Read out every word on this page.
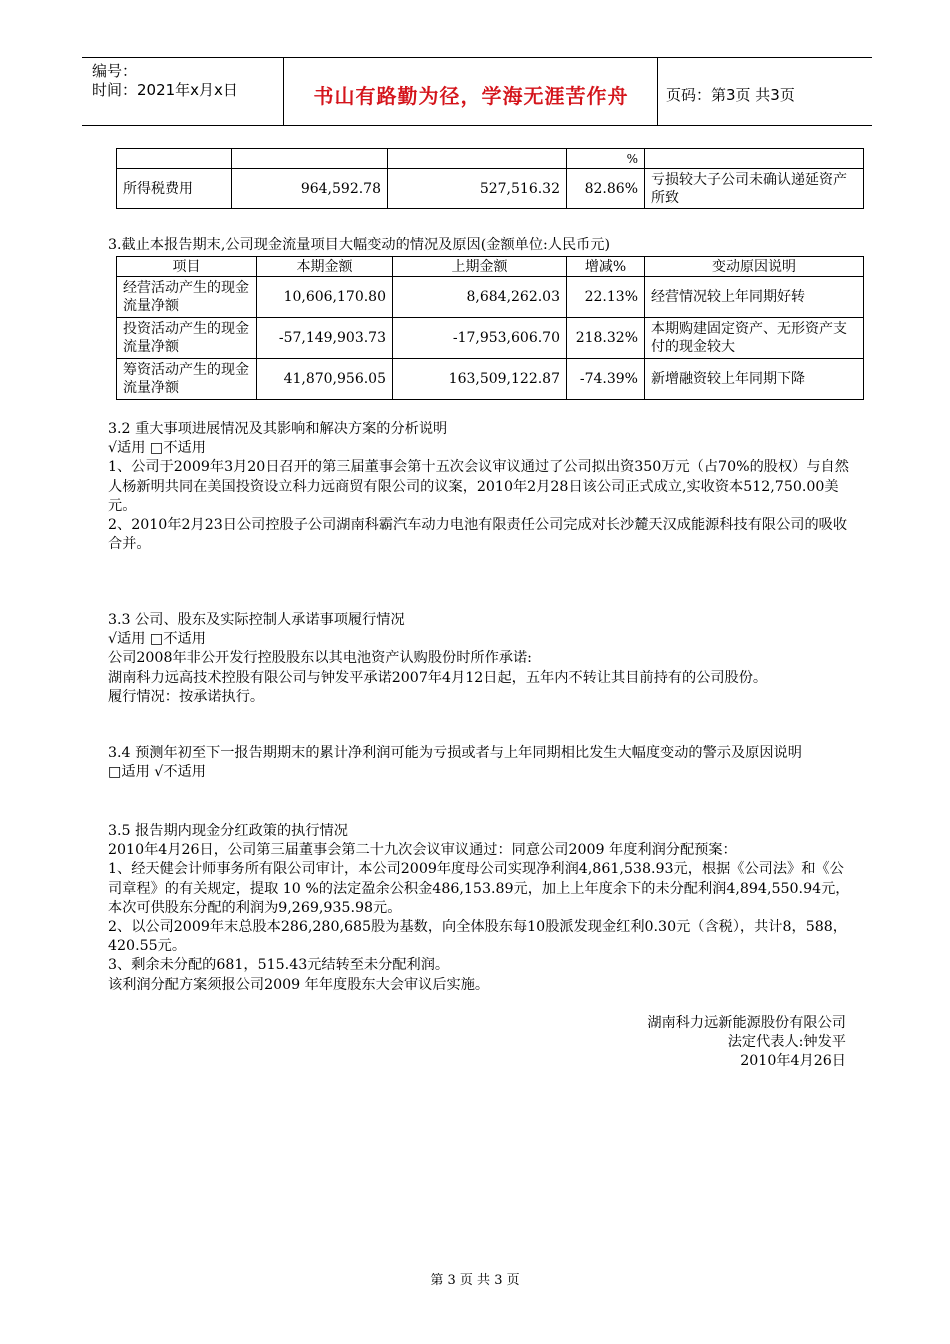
编号：
时间：2021年x月x日	书山有路勤为径，学海无涯苦作舟	页码：第3页 共3页
			%	
所得税费用	964,592.78	527,516.32	82.86%	亏损较大子公司未确认递延资产所致
3.截止本报告期末,公司现金流量项目大幅变动的情况及原因(金额单位:人民币元)
项目	本期金额	上期金额	增减%	变动原因说明
经营活动产生的现金流量净额	10,606,170.80	8,684,262.03	22.13%	经营情况较上年同期好转
投资活动产生的现金流量净额	-57,149,903.73	-17,953,606.70	218.32%	本期购建固定资产、无形资产支付的现金较大
筹资活动产生的现金流量净额	41,870,956.05	163,509,122.87	-74.39%	新增融资较上年同期下降
3.2 重大事项进展情况及其影响和解决方案的分析说明
√适用 □不适用
1、公司于2009年3月20日召开的第三届董事会第十五次会议审议通过了公司拟出资350万元（占70%的股权）与自然人杨新明共同在美国投资设立科力远商贸有限公司的议案，2010年2月28日该公司正式成立,实收资本512,750.00美元。
2、2010年2月23日公司控股子公司湖南科霸汽车动力电池有限责任公司完成对长沙麓天汉成能源科技有限公司的吸收合并。
3.3 公司、股东及实际控制人承诺事项履行情况
√适用 □不适用
公司2008年非公开发行控股股东以其电池资产认购股份时所作承诺:
湖南科力远高技术控股有限公司与钟发平承诺2007年4月12日起，五年内不转让其目前持有的公司股份。
履行情况：按承诺执行。
3.4 预测年初至下一报告期期末的累计净利润可能为亏损或者与上年同期相比发生大幅度变动的警示及原因说明
□适用 √不适用
3.5 报告期内现金分红政策的执行情况
2010年4月26日，公司第三届董事会第二十九次会议审议通过：同意公司2009 年度利润分配预案：
1、经天健会计师事务所有限公司审计，本公司2009年度母公司实现净利润4,861,538.93元，根据《公司法》和《公司章程》的有关规定，提取 10 %的法定盈余公积金486,153.89元，加上上年度余下的未分配利润4,894,550.94元，本次可供股东分配的利润为9,269,935.98元。
2、以公司2009年末总股本286,280,685股为基数，向全体股东每10股派发现金红利0.30元（含税），共计8，588，420.55元。
3、剩余未分配的681，515.43元结转至未分配利润。
该利润分配方案须报公司2009 年年度股东大会审议后实施。
湖南科力远新能源股份有限公司
法定代表人:钟发平
2010年4月26日
第 3 页 共 3 页
